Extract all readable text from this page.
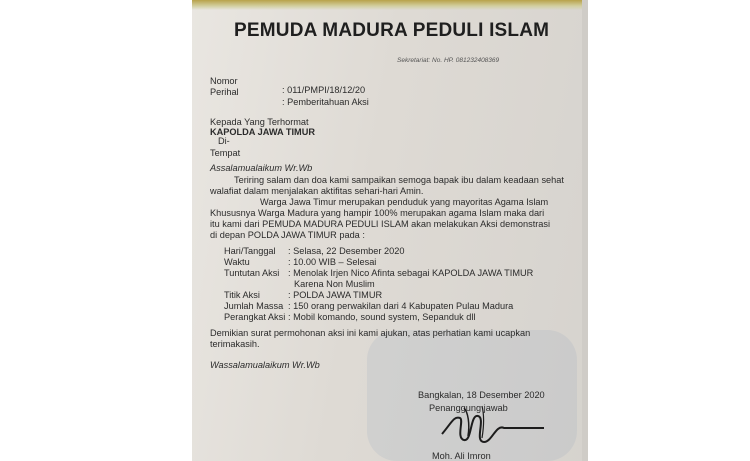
PEMUDA MADURA PEDULI ISLAM
Sekretariat: No. HP. 081232408369
Nomor
: 011/PMPI/18/12/20
Perihal
: Pemberitahuan Aksi
Kepada Yang Terhormat
KAPOLDA JAWA TIMUR
Di-
Tempat
Assalamualaikum Wr.Wb
Teriring salam dan doa kami sampaikan semoga bapak ibu dalam keadaan sehat
walafiat dalam menjalakan aktifitas sehari-hari Amin.
Warga Jawa Timur merupakan penduduk yang mayoritas Agama Islam
Khususnya Warga Madura yang hampir 100% merupakan agama Islam maka dari
itu kami dari PEMUDA MADURA PEDULI ISLAM akan melakukan Aksi demonstrasi
di depan POLDA JAWA TIMUR pada :
Hari/Tanggal : Selasa, 22 Desember 2020
Waktu	: 10.00 WIB – Selesai
Tuntutan Aksi : Menolak Irjen Nico Afinta sebagai KAPOLDA JAWA TIMUR
Karena Non Muslim
Titik Aksi	: POLDA JAWA TIMUR
Jumlah Massa : 150 orang perwakilan dari 4 Kabupaten Pulau Madura
Perangkat Aksi : Mobil komando, sound system, Sepanduk dll
Demikian surat permohonan aksi ini kami ajukan, atas perhatian kami ucapkan
terimakasih.
Wassalamualaikum Wr.Wb
Bangkalan, 18 Desember 2020
Penanggung jawab
Moh. Ali Imron
